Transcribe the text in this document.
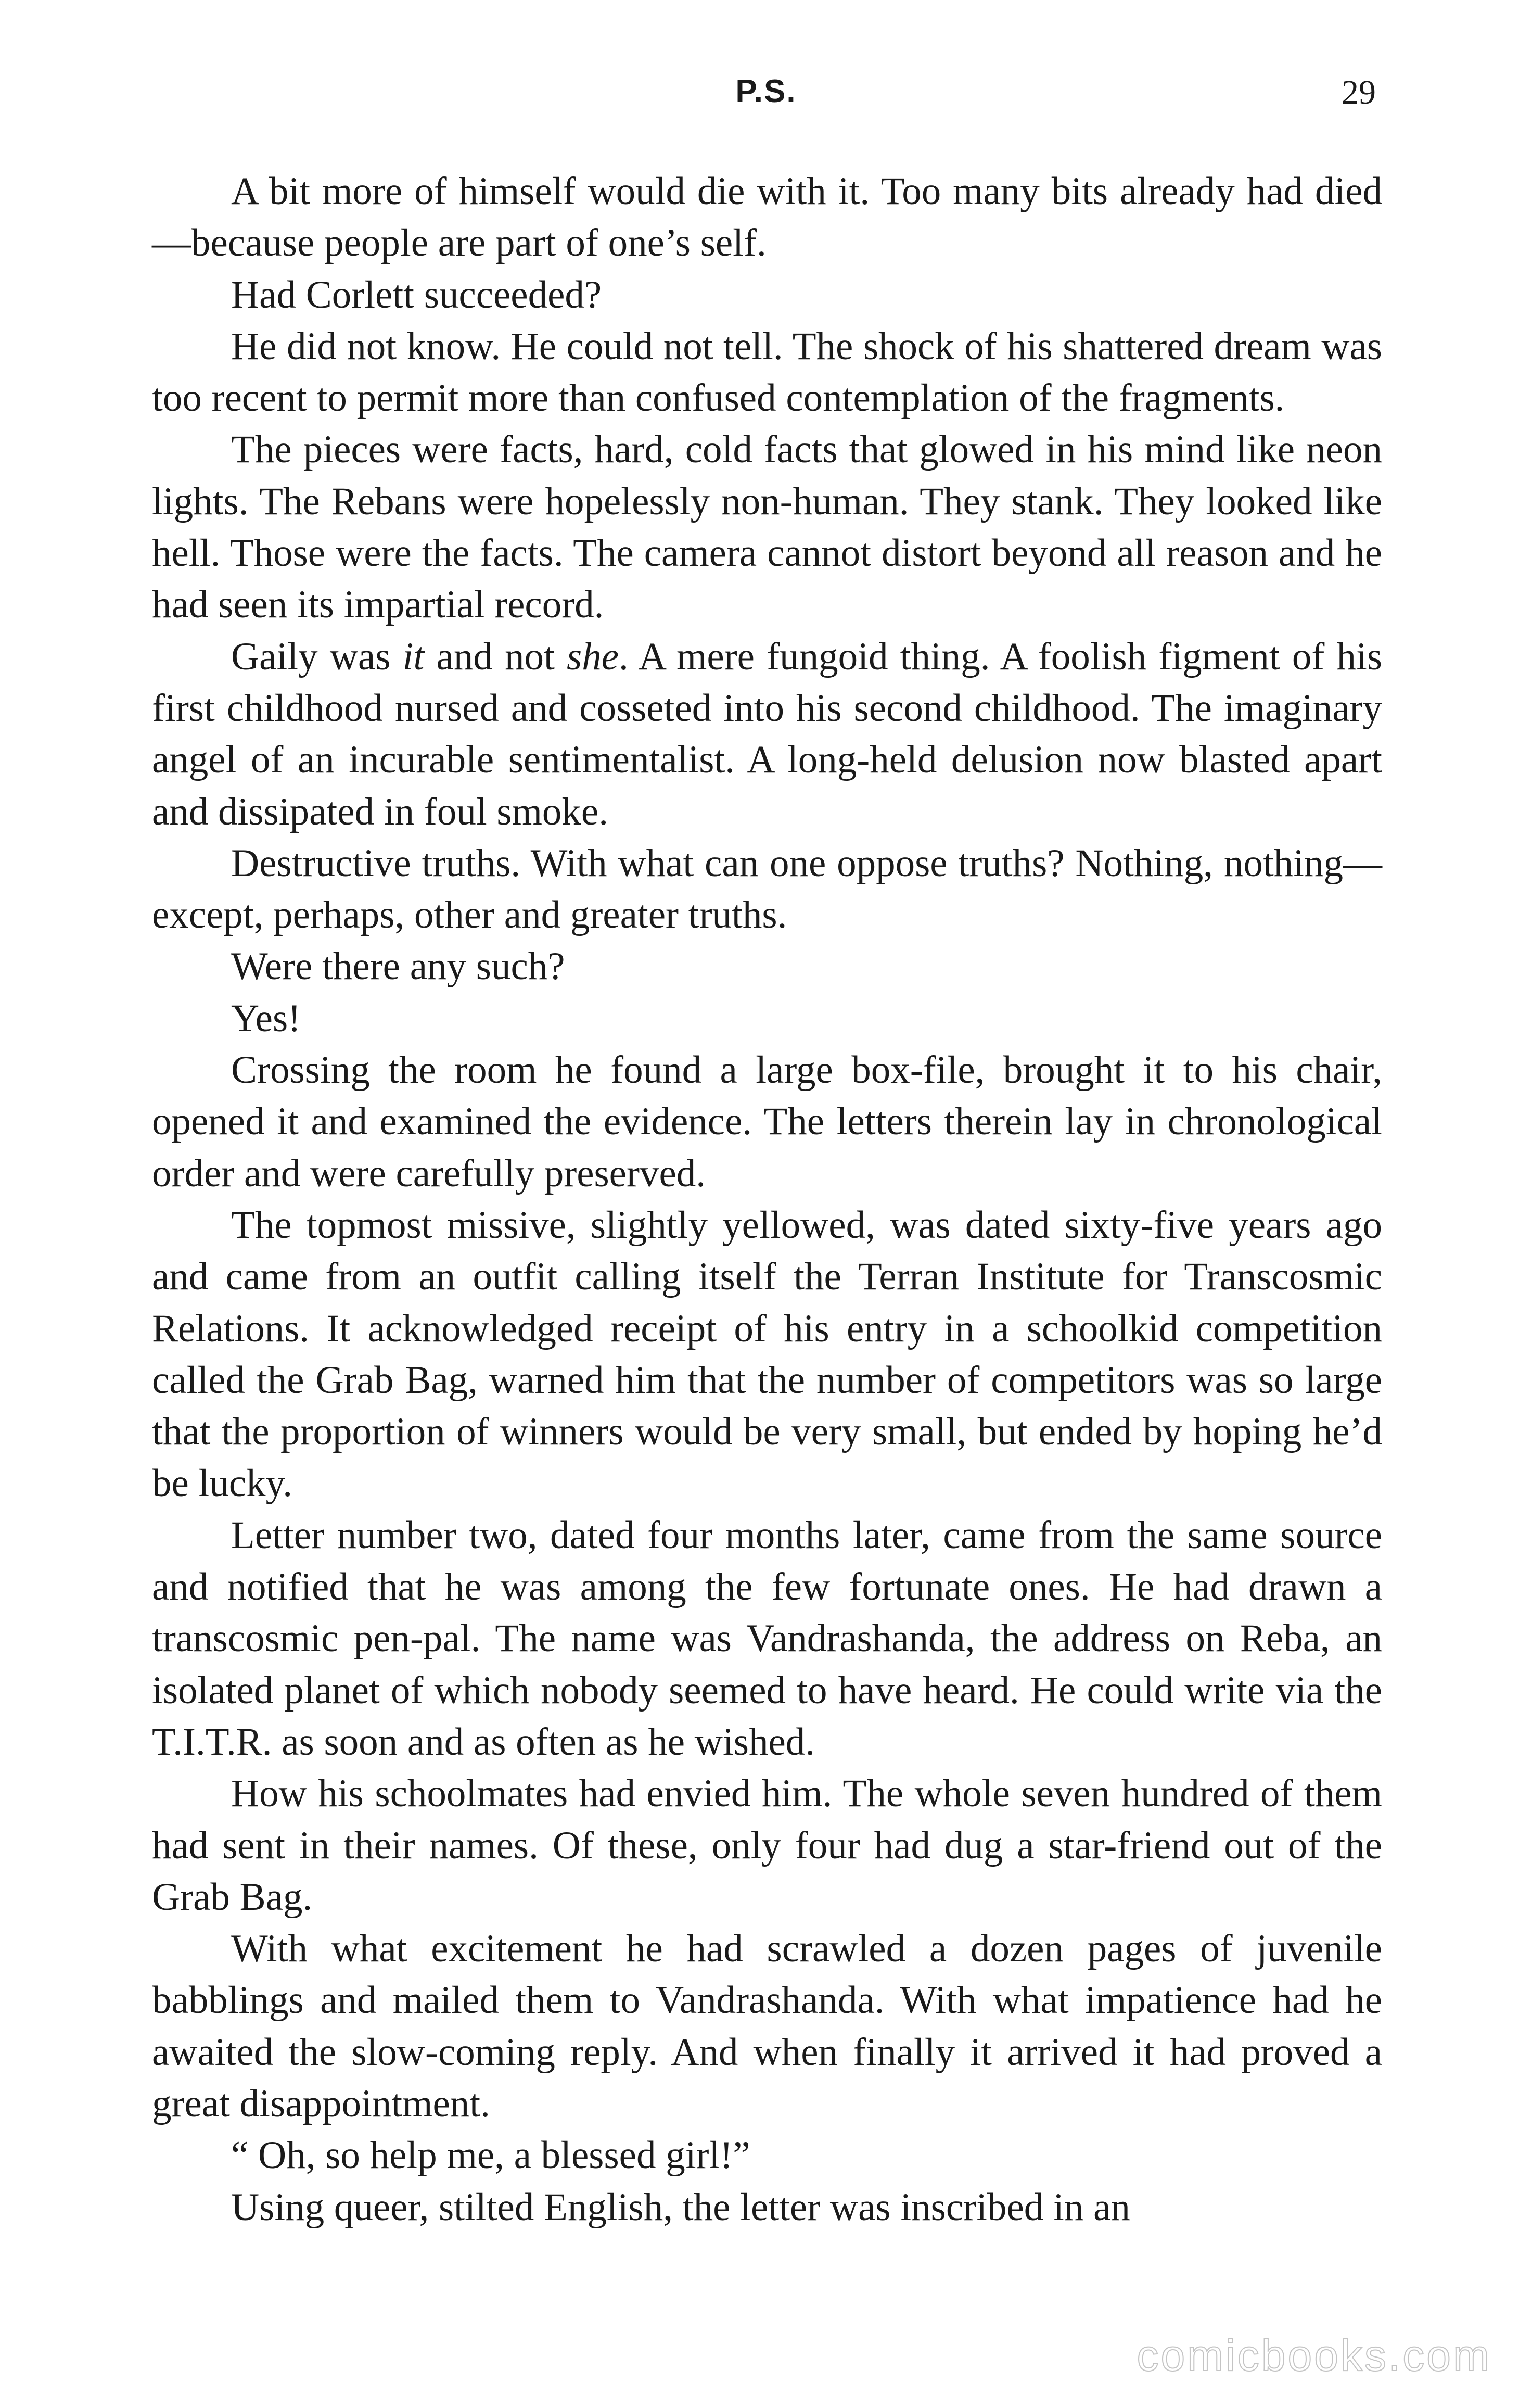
P.S.	29

A bit more of himself would die with it. Too many bits already had died—because people are part of one’s self.

Had Corlett succeeded?

He did not know. He could not tell. The shock of his shattered dream was too recent to permit more than confused contemplation of the fragments.

The pieces were facts, hard, cold facts that glowed in his mind like neon lights. The Rebans were hopelessly non-human. They stank. They looked like hell. Those were the facts. The camera cannot distort beyond all reason and he had seen its impartial record.

Gaily was it and not she. A mere fungoid thing. A foolish figment of his first childhood nursed and cosseted into his second childhood. The imaginary angel of an incurable sentimentalist. A long-held delusion now blasted apart and dissipated in foul smoke.

Destructive truths. With what can one oppose truths? Nothing, nothing—except, perhaps, other and greater truths.

Were there any such?

Yes!

Crossing the room he found a large box-file, brought it to his chair, opened it and examined the evidence. The letters therein lay in chronological order and were carefully preserved.

The topmost missive, slightly yellowed, was dated sixty-five years ago and came from an outfit calling itself the Terran Institute for Transcosmic Relations. It acknowledged receipt of his entry in a schoolkid competition called the Grab Bag, warned him that the number of competitors was so large that the proportion of winners would be very small, but ended by hoping he’d be lucky.

Letter number two, dated four months later, came from the same source and notified that he was among the few fortunate ones. He had drawn a transcosmic pen-pal. The name was Vandrashanda, the address on Reba, an isolated planet of which nobody seemed to have heard. He could write via the T.I.T.R. as soon and as often as he wished.

How his schoolmates had envied him. The whole seven hundred of them had sent in their names. Of these, only four had dug a star-friend out of the Grab Bag.

With what excitement he had scrawled a dozen pages of juvenile babblings and mailed them to Vandrashanda. With what impatience had he awaited the slow-coming reply. And when finally it arrived it had proved a great disappointment.

“ Oh, so help me, a blessed girl!”

Using queer, stilted English, the letter was inscribed in an

comicbooks.com
